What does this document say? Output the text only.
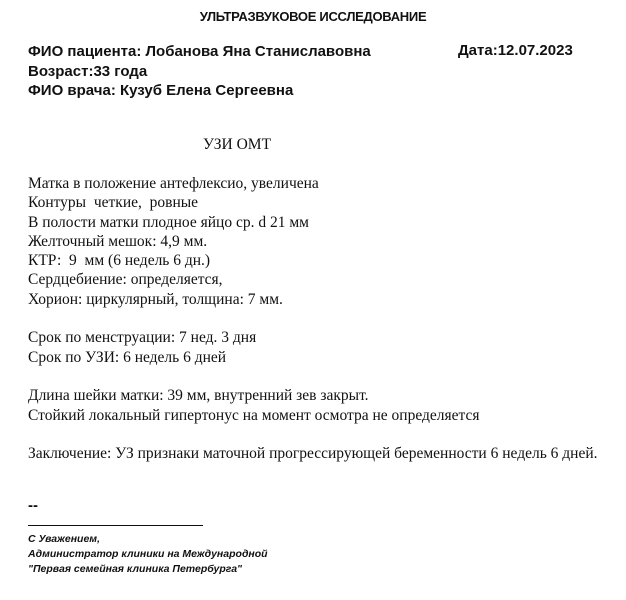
УЛЬТРАЗВУКОВОЕ ИССЛЕДОВАНИЕ
ФИО пациента: Лобанова Яна Станиславовна	Дата:12.07.2023
Возраст:33 года
ФИО врача: Кузуб Елена Сергеевна
УЗИ ОМТ
Матка в положение антефлексио, увеличена
Контуры  четкие,  ровные
В полости матки плодное яйцо ср. d 21 мм
Желточный мешок: 4,9 мм.
КТР:  9  мм (6 недель 6 дн.)
Сердцебиение: определяется,
Хорион: циркулярный, толщина: 7 мм.
Срок по менструации: 7 нед. 3 дня
Срок по УЗИ: 6 недель 6 дней
Длина шейки матки: 39 мм, внутренний зев закрыт.
Стойкий локальный гипертонус на момент осмотра не определяется
Заключение: УЗ признаки маточной прогрессирующей беременности 6 недель 6 дней.
--
С Уважением,
Администратор клиники на Международной
"Первая семейная клиника Петербурга"
